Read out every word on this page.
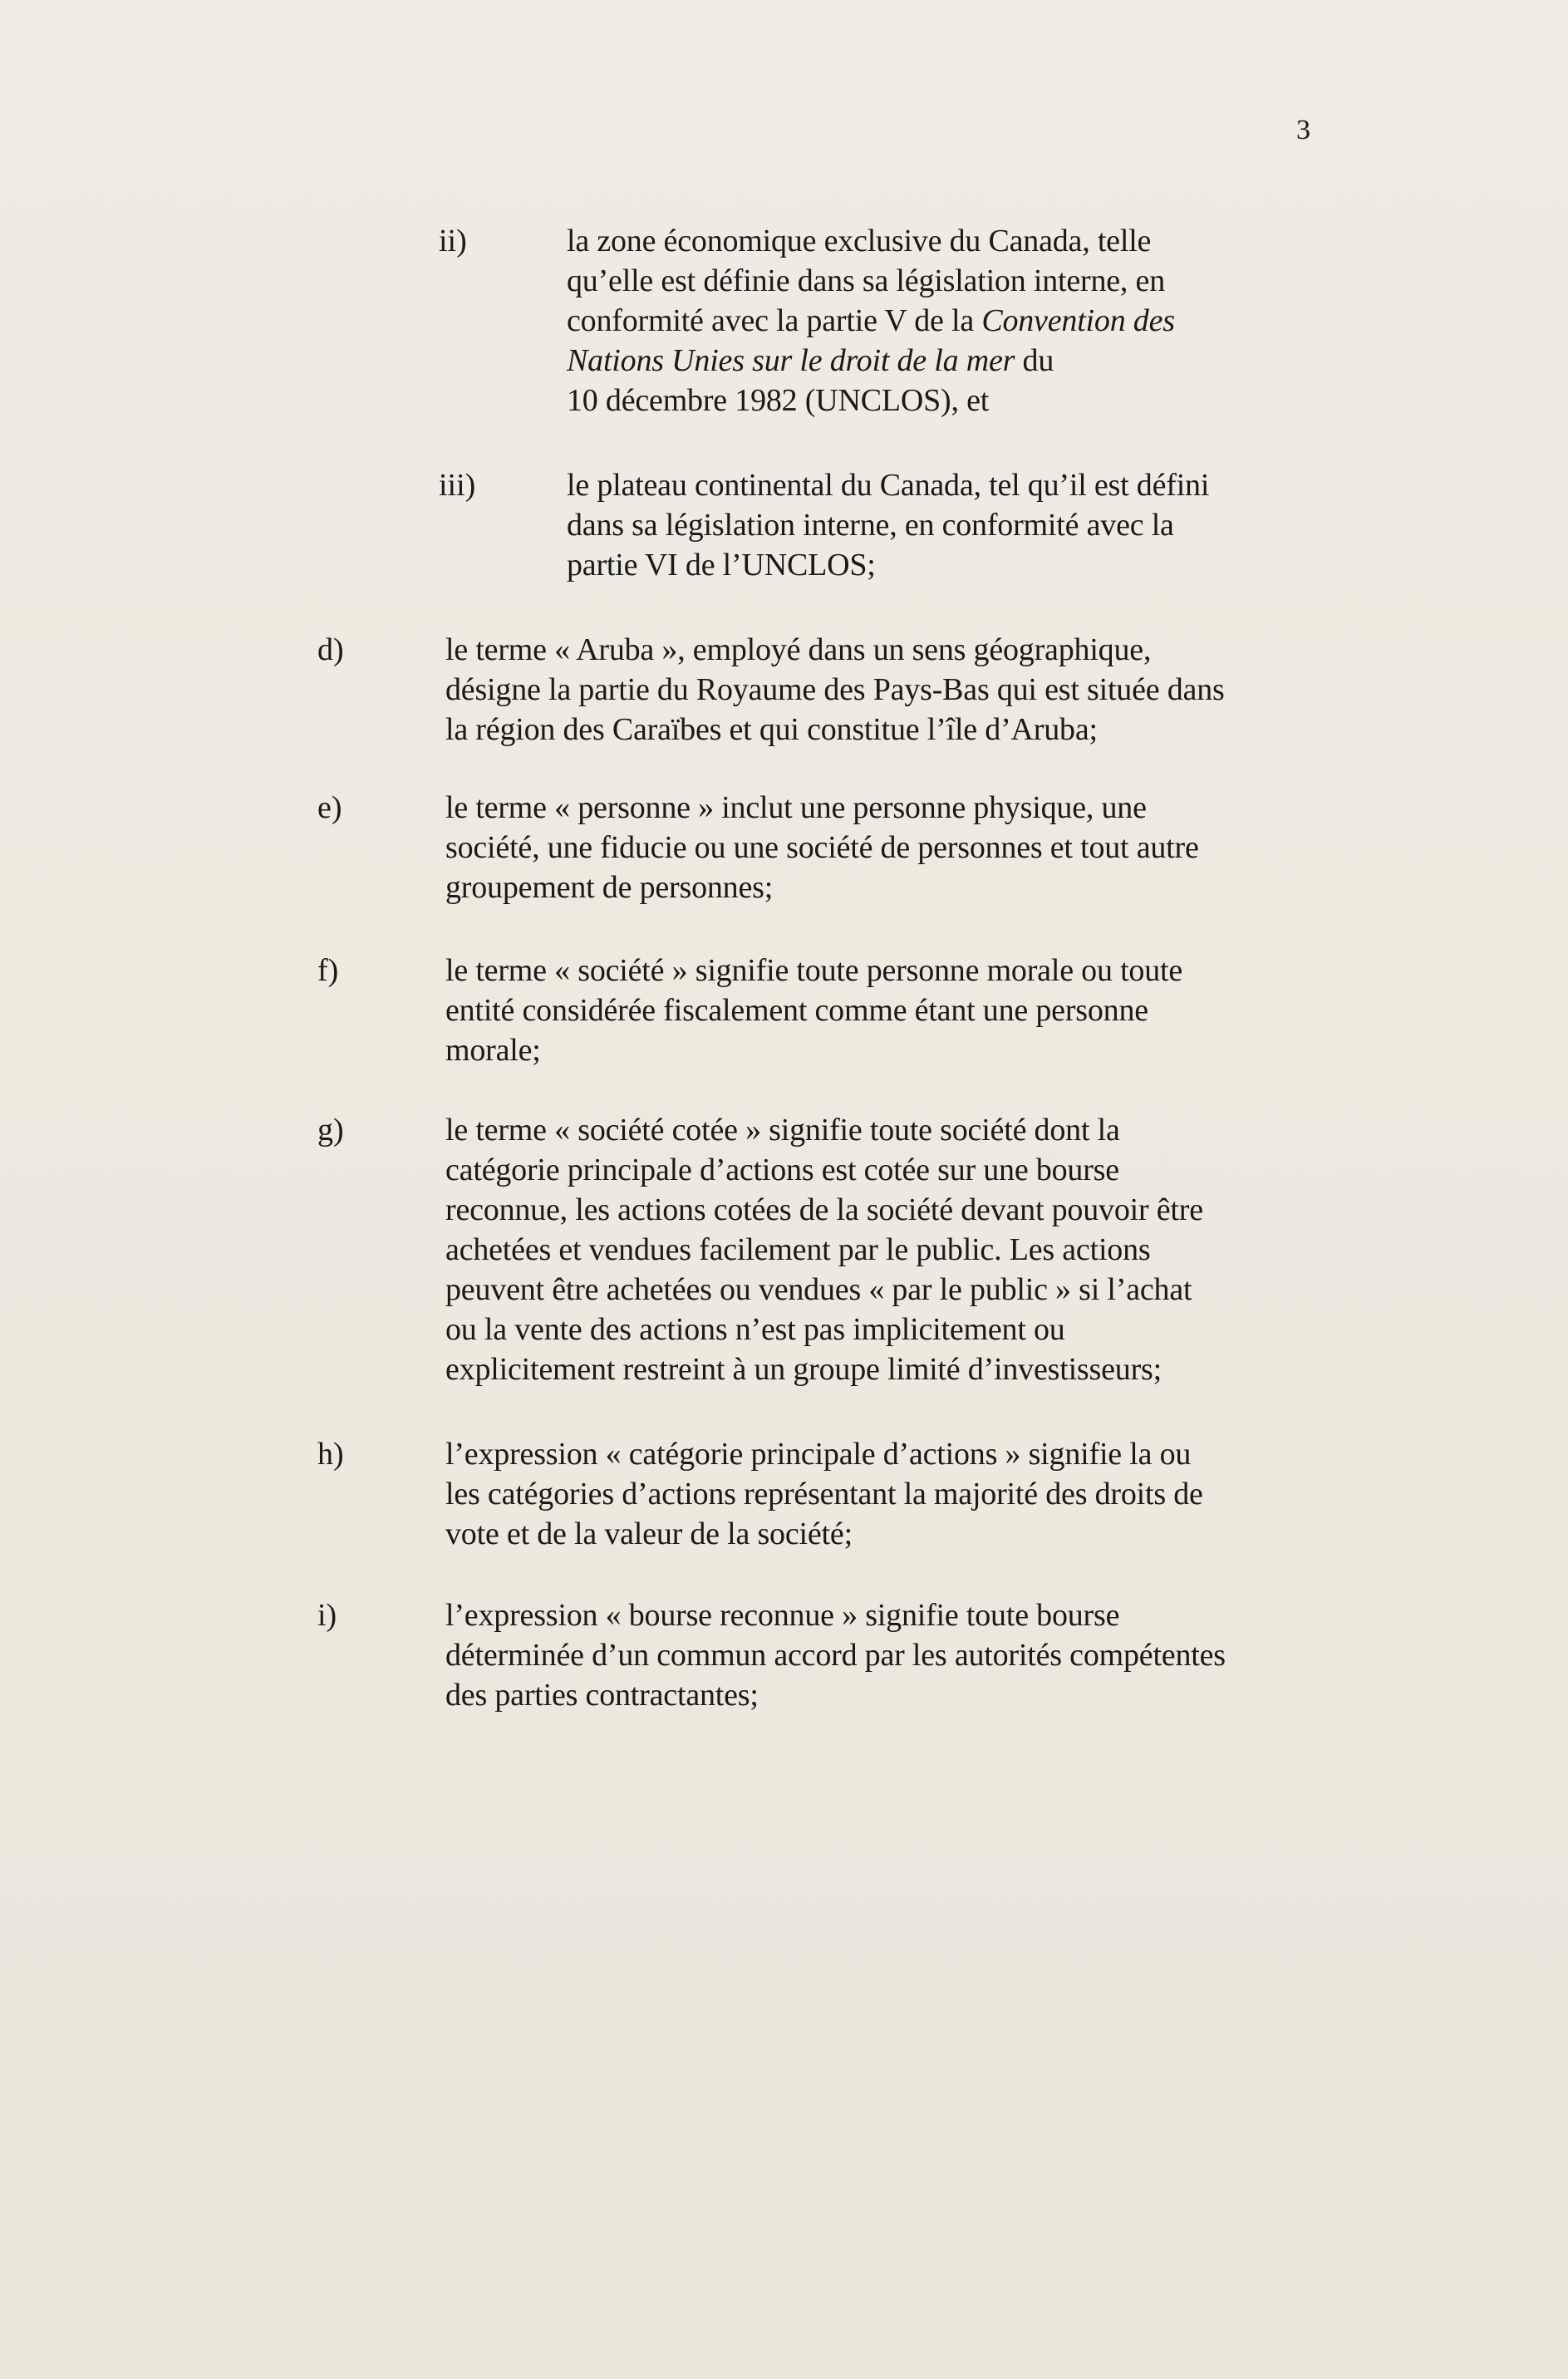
3
ii)	la zone économique exclusive du Canada, telle
qu’elle est définie dans sa législation interne, en
conformité avec la partie V de la Convention des
Nations Unies sur le droit de la mer du
10 décembre 1982 (UNCLOS), et
iii)	le plateau continental du Canada, tel qu’il est défini
dans sa législation interne, en conformité avec la
partie VI de l’UNCLOS;
d)	le terme « Aruba », employé dans un sens géographique,
désigne la partie du Royaume des Pays-Bas qui est située dans
la région des Caraïbes et qui constitue l’île d’Aruba;
e)	le terme « personne » inclut une personne physique, une
société, une fiducie ou une société de personnes et tout autre
groupement de personnes;
f)	le terme « société » signifie toute personne morale ou toute
entité considérée fiscalement comme étant une personne
morale;
g)	le terme « société cotée » signifie toute société dont la
catégorie principale d’actions est cotée sur une bourse
reconnue, les actions cotées de la société devant pouvoir être
achetées et vendues facilement par le public. Les actions
peuvent être achetées ou vendues « par le public » si l’achat
ou la vente des actions n’est pas implicitement ou
explicitement restreint à un groupe limité d’investisseurs;
h)	l’expression « catégorie principale d’actions » signifie la ou
les catégories d’actions représentant la majorité des droits de
vote et de la valeur de la société;
i)	l’expression « bourse reconnue » signifie toute bourse
déterminée d’un commun accord par les autorités compétentes
des parties contractantes;
